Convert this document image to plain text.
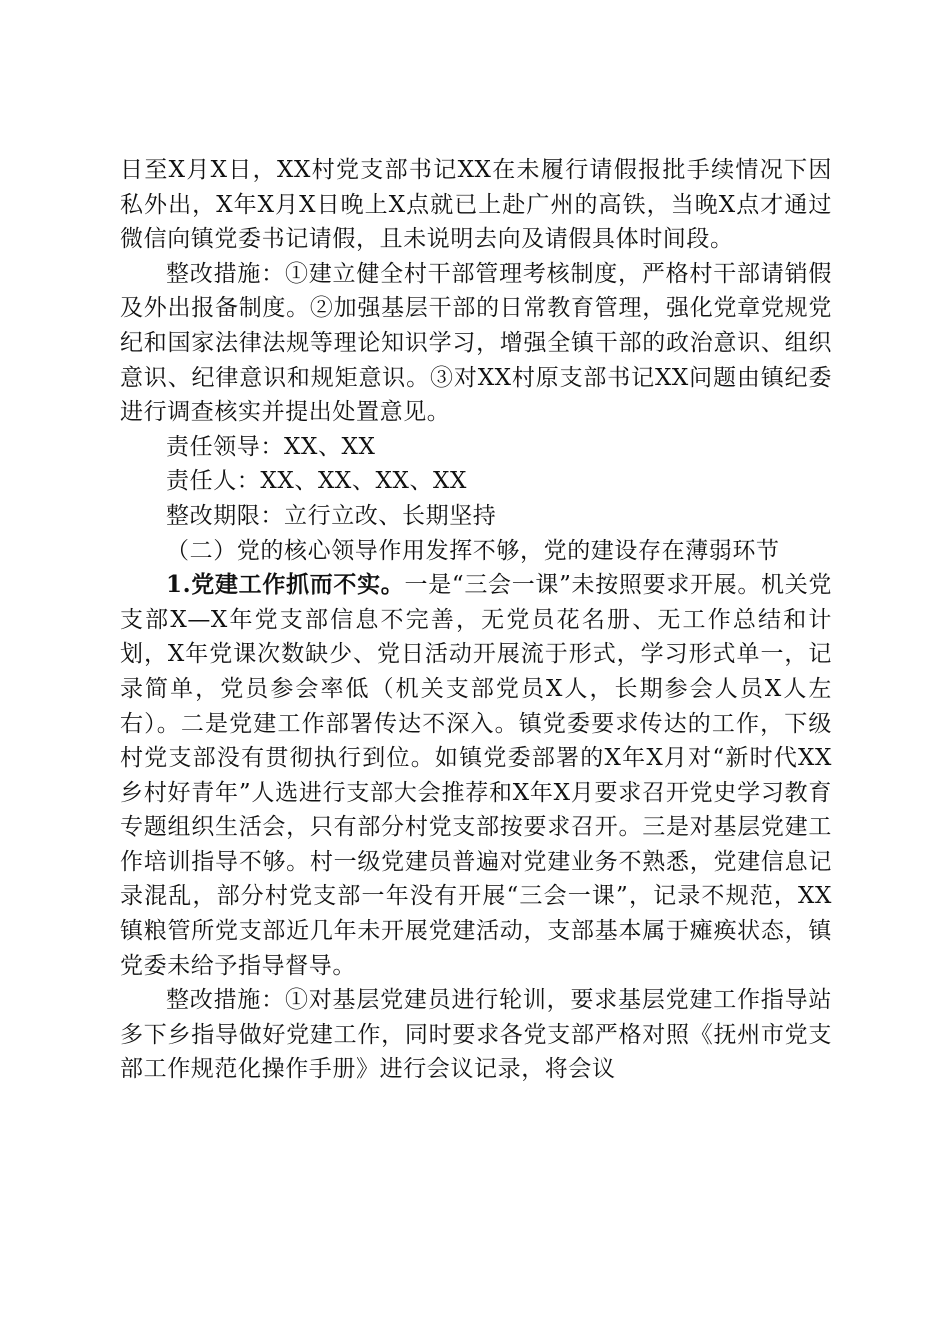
日至X月X日，XX村党支部书记XX在未履行请假报批手续情况下因私外出，X年X月X日晚上X点就已上赴广州的高铁，当晚X点才通过微信向镇党委书记请假，且未说明去向及请假具体时间段。

整改措施：①建立健全村干部管理考核制度，严格村干部请销假及外出报备制度。②加强基层干部的日常教育管理，强化党章党规党纪和国家法律法规等理论知识学习，增强全镇干部的政治意识、组织意识、纪律意识和规矩意识。③对XX村原支部书记XX问题由镇纪委进行调查核实并提出处置意见。

责任领导：XX、XX

责任人：XX、XX、XX、XX

整改期限：立行立改、长期坚持

（二）党的核心领导作用发挥不够，党的建设存在薄弱环节

1.党建工作抓而不实。一是“三会一课”未按照要求开展。机关党支部X—X年党支部信息不完善，无党员花名册、无工作总结和计划，X年党课次数缺少、党日活动开展流于形式，学习形式单一，记录简单，党员参会率低（机关支部党员X人，长期参会人员X人左右）。二是党建工作部署传达不深入。镇党委要求传达的工作，下级村党支部没有贯彻执行到位。如镇党委部署的X年X月对“新时代XX乡村好青年”人选进行支部大会推荐和X年X月要求召开党史学习教育专题组织生活会，只有部分村党支部按要求召开。三是对基层党建工作培训指导不够。村一级党建员普遍对党建业务不熟悉，党建信息记录混乱，部分村党支部一年没有开展“三会一课”，记录不规范，XX镇粮管所党支部近几年未开展党建活动，支部基本属于瘫痪状态，镇党委未给予指导督导。

整改措施：①对基层党建员进行轮训，要求基层党建工作指导站多下乡指导做好党建工作，同时要求各党支部严格对照《抚州市党支部工作规范化操作手册》进行会议记录，将会议
